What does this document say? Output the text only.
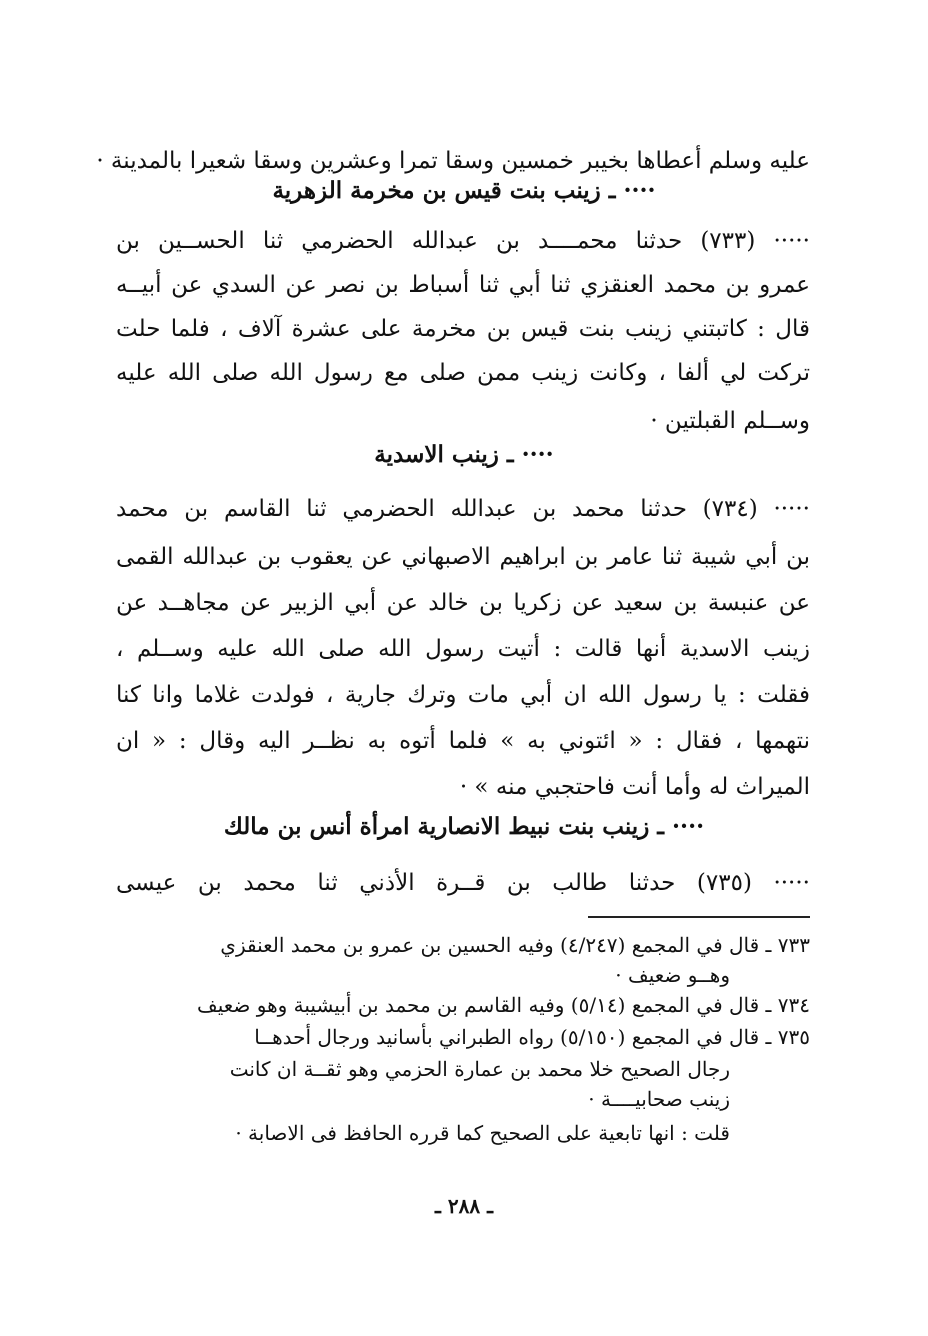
عليه وسلم أعطاها بخيبر خمسين وسقا تمرا وعشرين وسقا شعيرا بالمدينة ·
···· ـ زينب بنت قيس بن مخرمة الزهرية
····· (٧٣٣) حدثنا محمــــد بن عبدالله الحضرمي ثنا الحســين بن
عمرو بن محمد العنقزي ثنا أبي ثنا أسباط بن نصر عن السدي عن أبيــه
قال : كاتبتني زينب بنت قيس بن مخرمة على عشرة آلاف ، فلما حلت
تركت لي ألفا ، وكانت زينب ممن صلى مع رسول الله صلى الله عليه
وســلم القبلتين ·
···· ـ زينب الاسدية
····· (٧٣٤) حدثنا محمد بن عبدالله الحضرمي ثنا القاسم بن محمد
بن أبي شيبة ثنا عامر بن ابراهيم الاصبهاني عن يعقوب بن عبدالله القمى
عن عنبسة بن سعيد عن زكريا بن خالد عن أبي الزبير عن مجاهــد عن
زينب الاسدية أنها قالت : أتيت رسول الله صلى الله عليه وســلم ،
فقلت : يا رسول الله ان أبي مات وترك جارية ، فولدت غلاما وانا كنا
نتهمها ، فقال : « ائتوني به » فلما أتوه به نظــر اليه وقال : « ان
الميراث له وأما أنت فاحتجبي منه » ·
···· ـ زينب بنت نبيط الانصارية امرأة أنس بن مالك
····· (٧٣٥) حدثنا طالب بن قــرة الأذني ثنا محمد بن عيسى
٧٣٣ ـ قال في المجمع (٤/٢٤٧) وفيه الحسين بن عمرو بن محمد العنقزي
وهــو ضعيف ·
٧٣٤ ـ قال في المجمع (٥/١٤) وفيه القاسم بن محمد بن أبيشيبة وهو ضعيف
٧٣٥ ـ قال في المجمع (٥/١٥٠) رواه الطبراني بأسانيد ورجال أحدهــا
رجال الصحيح خلا محمد بن عمارة الحزمي وهو ثقــة ان كانت
زينب صحابيــــة ·
قلت : انها تابعية على الصحيح كما قرره الحافظ فى الاصابة ·
ـ ٢٨٨ ـ
